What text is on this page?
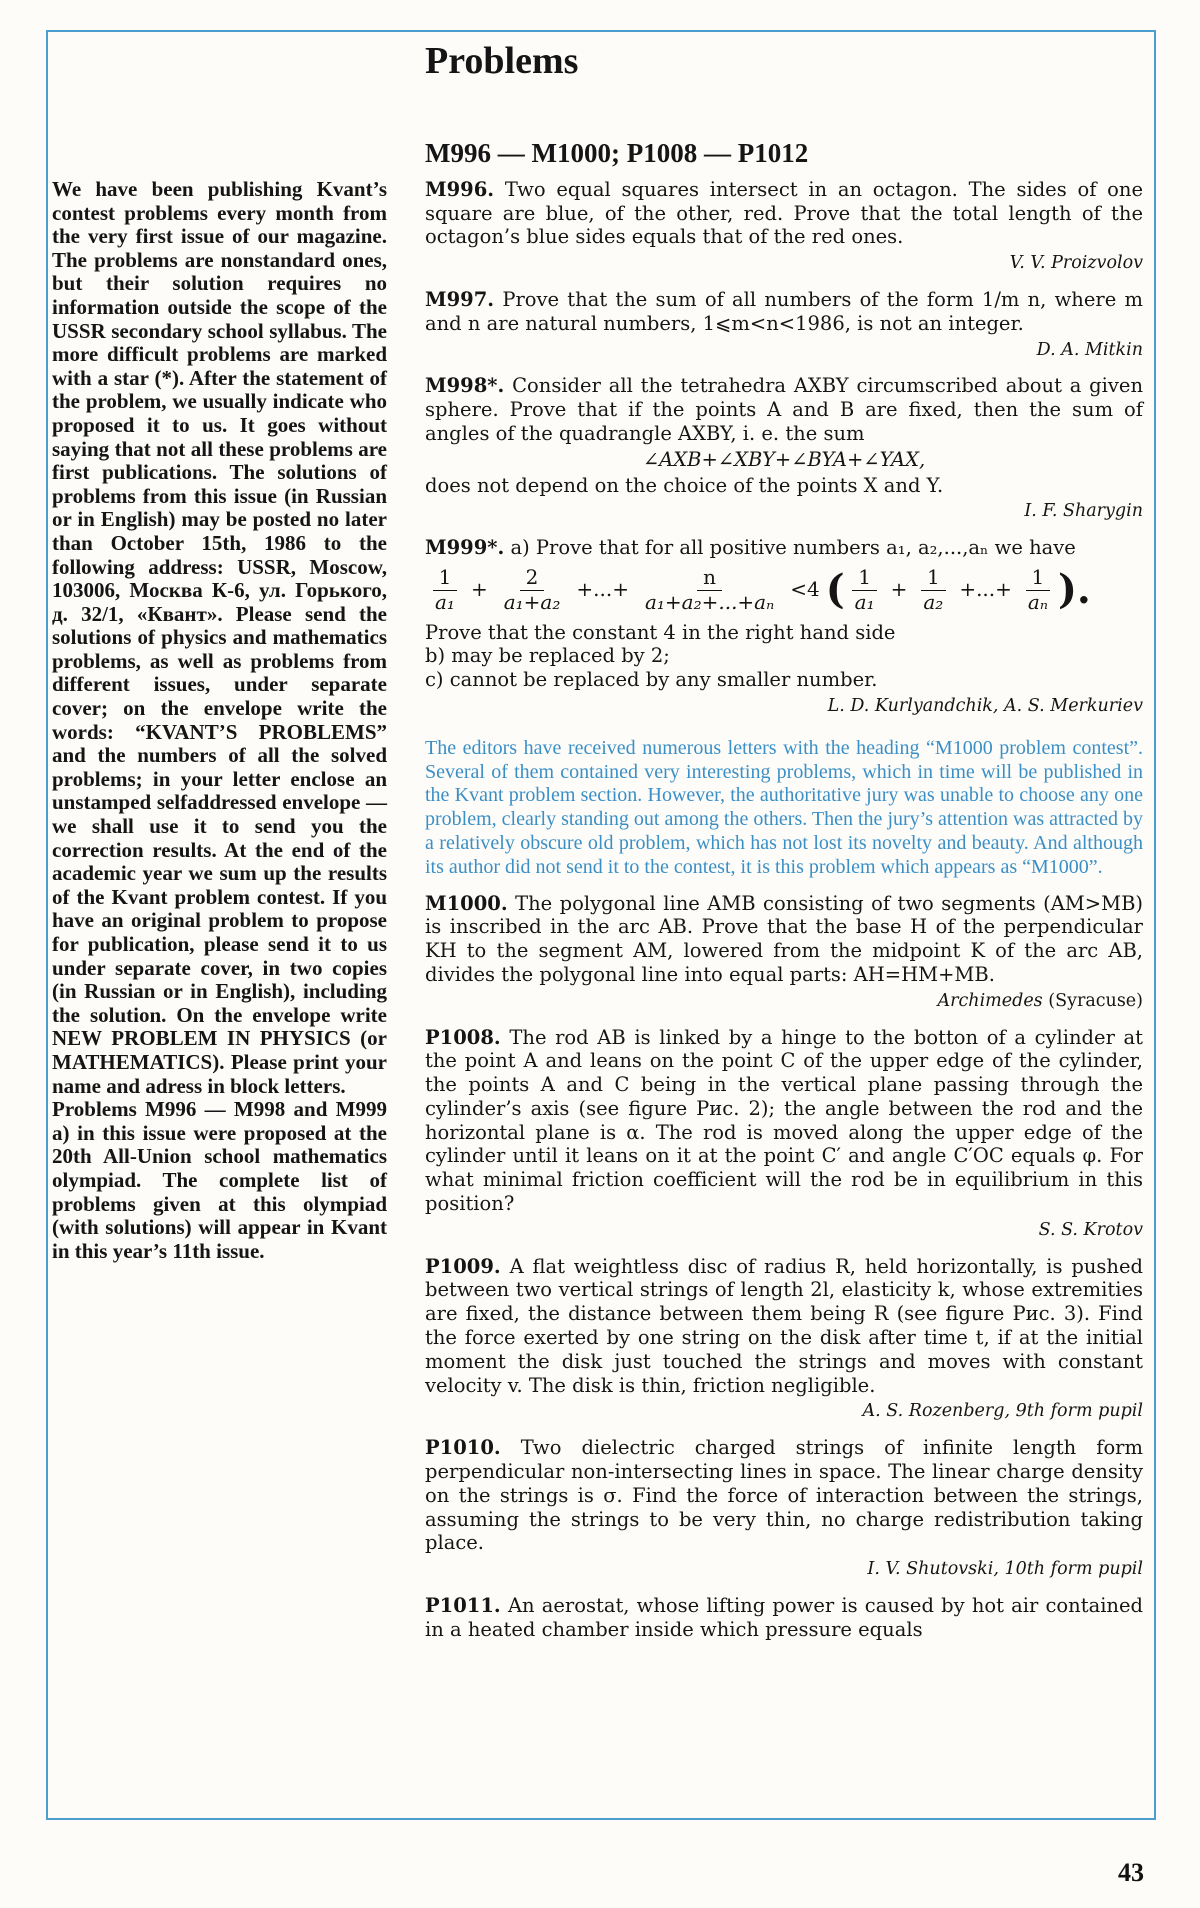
We have been publishing Kvant’s contest problems every month from the very first issue of our magazine. The problems are nonstandard ones, but their solution requires no information outside the scope of the USSR secondary school syllabus. The more difficult problems are marked with a star (*). After the statement of the problem, we usually indicate who proposed it to us. It goes without saying that not all these problems are first publications. The solutions of problems from this issue (in Russian or in English) may be posted no later than October 15th, 1986 to the following address: USSR, Moscow, 103006, Москва К-6, ул. Горького, д. 32/1, «Квант». Please send the solutions of physics and mathematics problems, as well as problems from different issues, under separate cover; on the envelope write the words: “KVANT’S PROBLEMS” and the numbers of all the solved problems; in your letter enclose an unstamped selfaddressed envelope — we shall use it to send you the correction results. At the end of the academic year we sum up the results of the Kvant problem contest. If you have an original problem to propose for publication, please send it to us under separate cover, in two copies (in Russian or in English), including the solution. On the envelope write NEW PROBLEM IN PHYSICS (or MATHEMATICS). Please print your name and adress in block letters.

Problems M996 — M998 and M999 a) in this issue were proposed at the 20th All-Union school mathematics olympiad. The complete list of problems given at this olympiad (with solutions) will appear in Kvant in this year’s 11th issue.

Problems
M996 — M1000; P1008 — P1012

M996. Two equal squares intersect in an octagon. The sides of one square are blue, of the other, red. Prove that the total length of the octagon’s blue sides equals that of the red ones.

V. V. Proizvolov

M997. Prove that the sum of all numbers of the form 1/m n, where m and n are natural numbers, 1⩽m<n<1986, is not an integer.

D. A. Mitkin

M998*. Consider all the tetrahedra AXBY circumscribed about a given sphere. Prove that if the points A and B are fixed, then the sum of angles of the quadrangle AXBY, i. e. the sum

∠AXB+∠XBY+∠BYA+∠YAX,

does not depend on the choice of the points X and Y.

I. F. Sharygin

M999*. a) Prove that for all positive numbers a₁, a₂,...,aₙ we have

$\frac{1}{\text{a₁}} + \frac{2}{\text{a₁+a₂}}$ +...+ $\frac{n}{\text{a₁+a₂+...+aₙ}} <4$ ( $\frac{1}{\text{a₁}} + \frac{1}{\text{a₂}}$ +...+ $\frac{1}{\text{aₙ}}$ ).

Prove that the constant 4 in the right hand side

b) may be replaced by 2;

c) cannot be replaced by any smaller number.

L. D. Kurlyandchik, A. S. Merkuriev
The editors have received numerous letters with the heading “M1000 problem contest”. Several of them contained very interesting problems, which in time will be published in the Kvant problem section. However, the authoritative jury was unable to choose any one problem, clearly standing out among the others. Then the jury’s attention was attracted by a relatively obscure old problem, which has not lost its novelty and beauty. And although its author did not send it to the contest, it is this problem which appears as “M1000”.

M1000. The polygonal line AMB consisting of two segments (AM>MB) is inscribed in the arc AB. Prove that the base H of the perpendicular KH to the segment AM, lowered from the midpoint K of the arc AB, divides the polygonal line into equal parts: AH=HM+MB.

Archimedes (Syracuse)

P1008. The rod AB is linked by a hinge to the botton of a cylinder at the point A and leans on the point C of the upper edge of the cylinder, the points A and C being in the vertical plane passing through the cylinder’s axis (see figure Рис. 2); the angle between the rod and the horizontal plane is α. The rod is moved along the upper edge of the cylinder until it leans on it at the point C′ and angle C′OC equals φ. For what minimal friction coefficient will the rod be in equilibrium in this position?

S. S. Krotov

P1009. A flat weightless disc of radius R, held horizontally, is pushed between two vertical strings of length 2l, elasticity k, whose extremities are fixed, the distance between them being R (see figure Рис. 3). Find the force exerted by one string on the disk after time t, if at the initial moment the disk just touched the strings and moves with constant velocity v. The disk is thin, friction negligible.

A. S. Rozenberg, 9th form pupil

P1010. Two dielectric charged strings of infinite length form perpendicular non-intersecting lines in space. The linear charge density on the strings is σ. Find the force of interaction between the strings, assuming the strings to be very thin, no charge redistribution taking place.

I. V. Shutovski, 10th form pupil

P1011. An aerostat, whose lifting power is caused by hot air contained in a heated chamber inside which pressure equals

43
